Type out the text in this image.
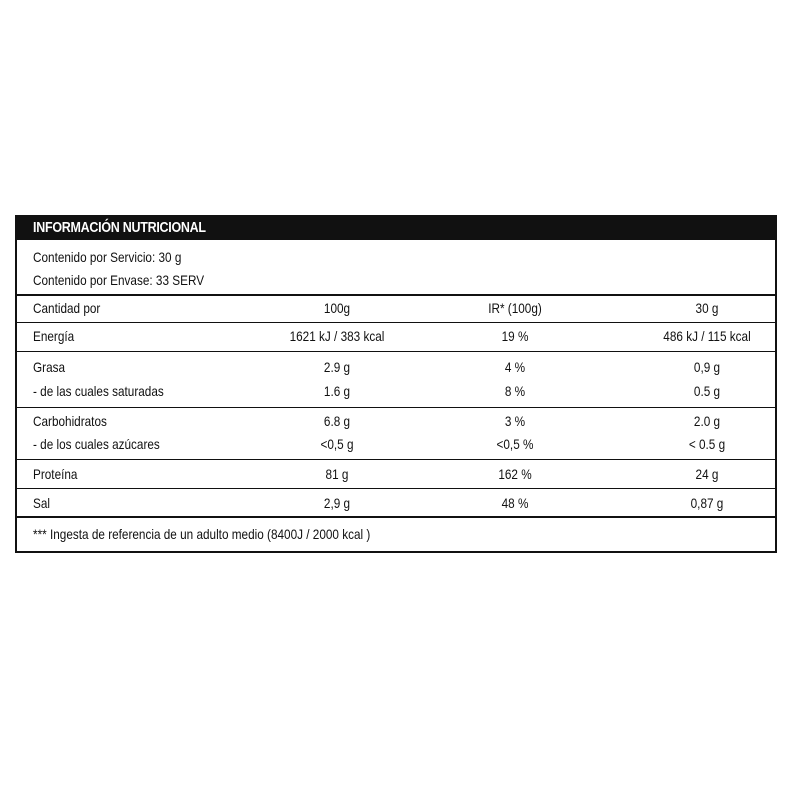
INFORMACIÓN NUTRICIONAL
Contenido por Servicio: 30 g
Contenido por Envase: 33 SERV
Cantidad por	100g	IR* (100g)	30 g
Energía	1621 kJ / 383 kcal	19 %	486 kJ / 115 kcal
Grasa	2.9 g	4 %	0,9 g
- de las cuales saturadas	1.6 g	8 %	0.5 g
Carbohidratos	6.8 g	3 %	2.0 g
- de los cuales azúcares	<0,5 g	<0,5 %	< 0.5 g
Proteína	81 g	162 %	24 g
Sal	2,9 g	48 %	0,87 g
*** Ingesta de referencia de un adulto medio (8400J / 2000 kcal )
